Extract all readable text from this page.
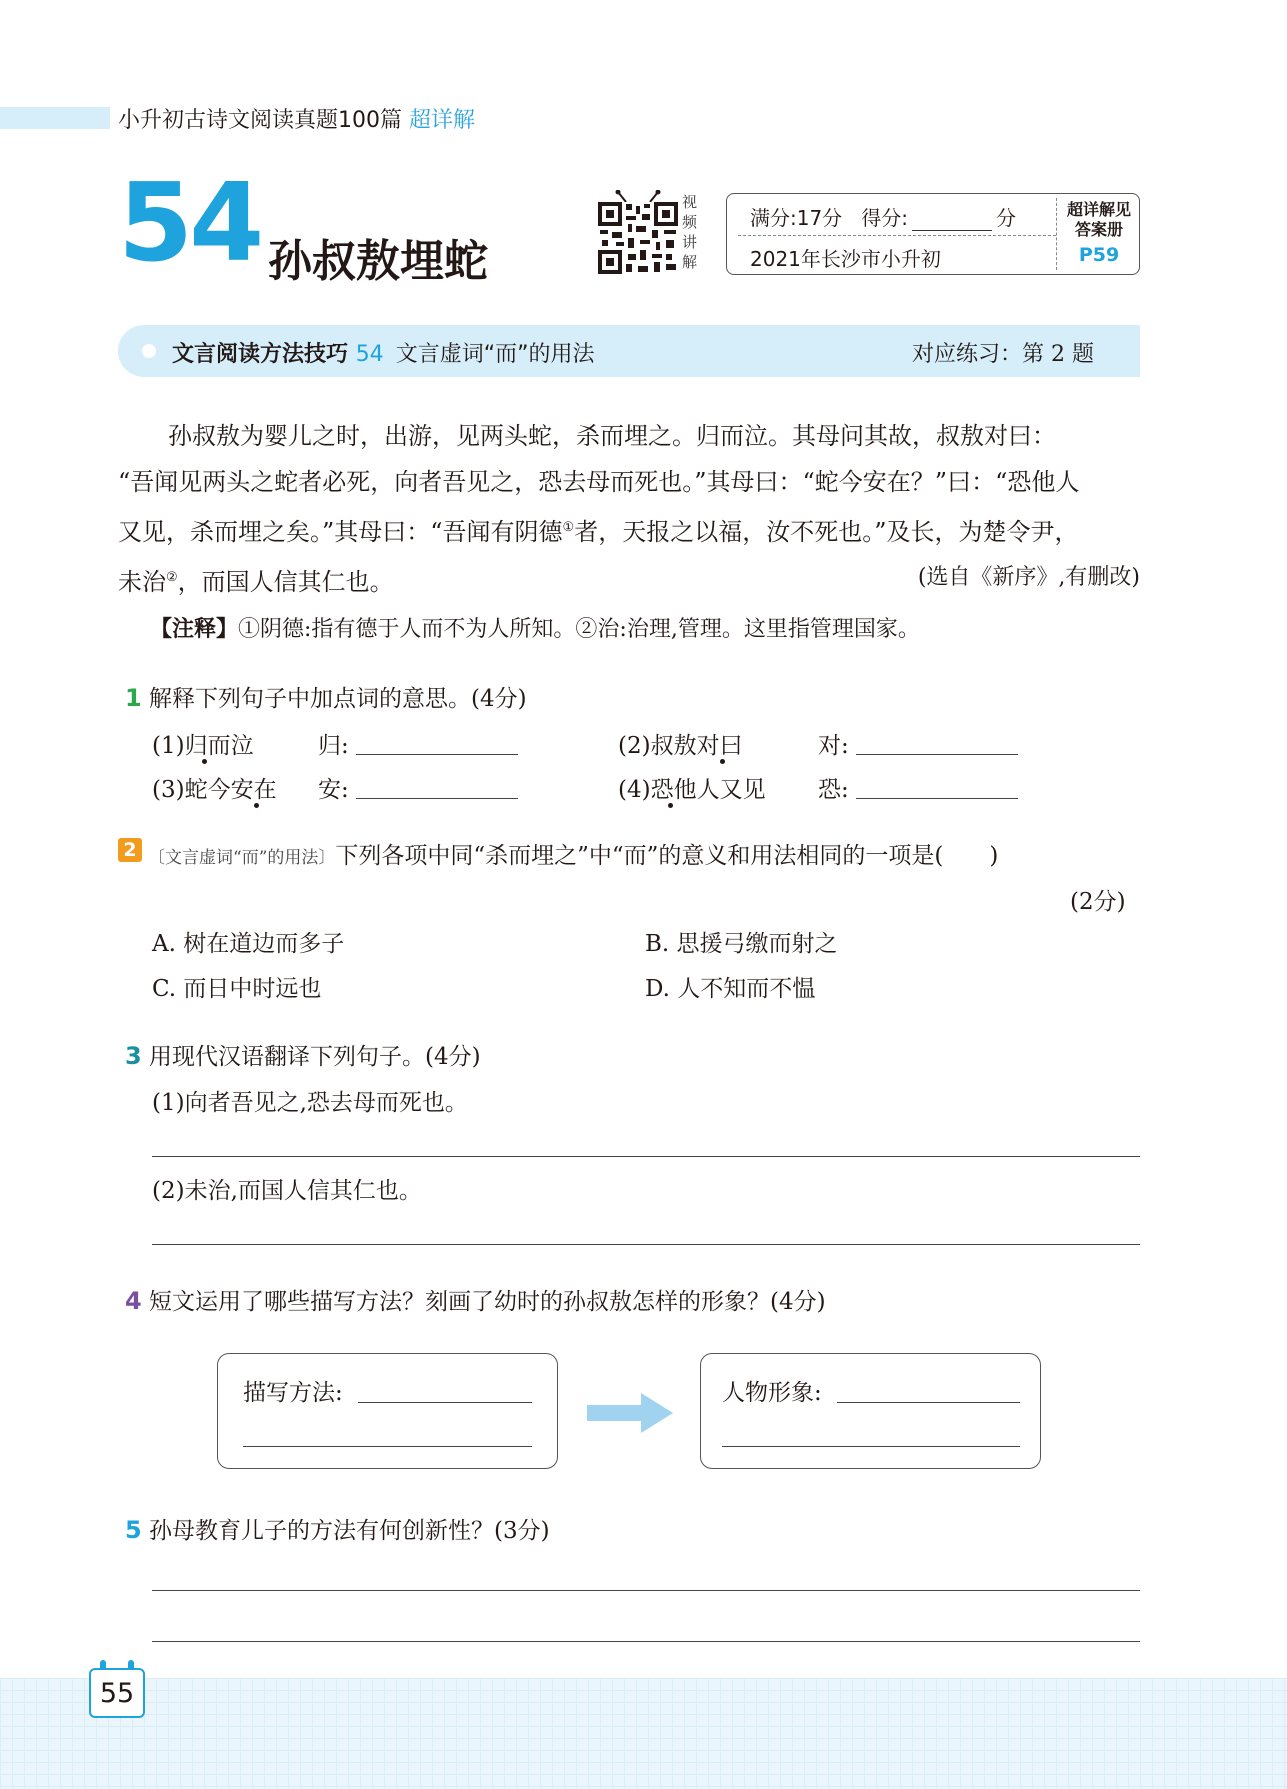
小升初古诗文阅读真题100篇 超详解
54 孙叔敖埋蛇
视
频
讲
解
满分:17分 得分:	分
2021年长沙市小升初
超详解见
答案册
P59
文言阅读方法技巧 54 文言虚词“而”的用法	对应练习：第 2 题

孙叔敖为婴儿之时，出游，见两头蛇，杀而埋之。归而泣。其母问其故，叔敖对曰：

“吾闻见两头之蛇者必死，向者吾见之，恐去母而死也。”其母曰：“蛇今安在？”曰：“恐他人

又见，杀而埋之矣。”其母曰：“吾闻有阴德①者，天报之以福，汝不死也。”及长，为楚令尹，

未治②，而国人信其仁也。	(选自《新序》,有删改)

【注释】①阴德:指有德于人而不为人所知。②治:治理,管理。这里指管理国家。
1 解释下列句子中加点词的意思。(4分)
(1)归而泣	归:	(2)叔敖对曰	对:
(3)蛇今安在 安:	(4)恐他人又见 恐:
2 〔文言虚词“而”的用法〕下列各项中同“杀而埋之”中“而”的意义和用法相同的一项是(　　)
(2分)
A. 树在道边而多子	B. 思援弓缴而射之
C. 而日中时远也	D. 人不知而不愠
3 用现代汉语翻译下列句子。(4分)
(1)向者吾见之,恐去母而死也。
(2)未治,而国人信其仁也。
4 短文运用了哪些描写方法？刻画了幼时的孙叔敖怎样的形象？(4分)
描写方法:	人物形象:
5 孙母教育儿子的方法有何创新性？(3分)
55
